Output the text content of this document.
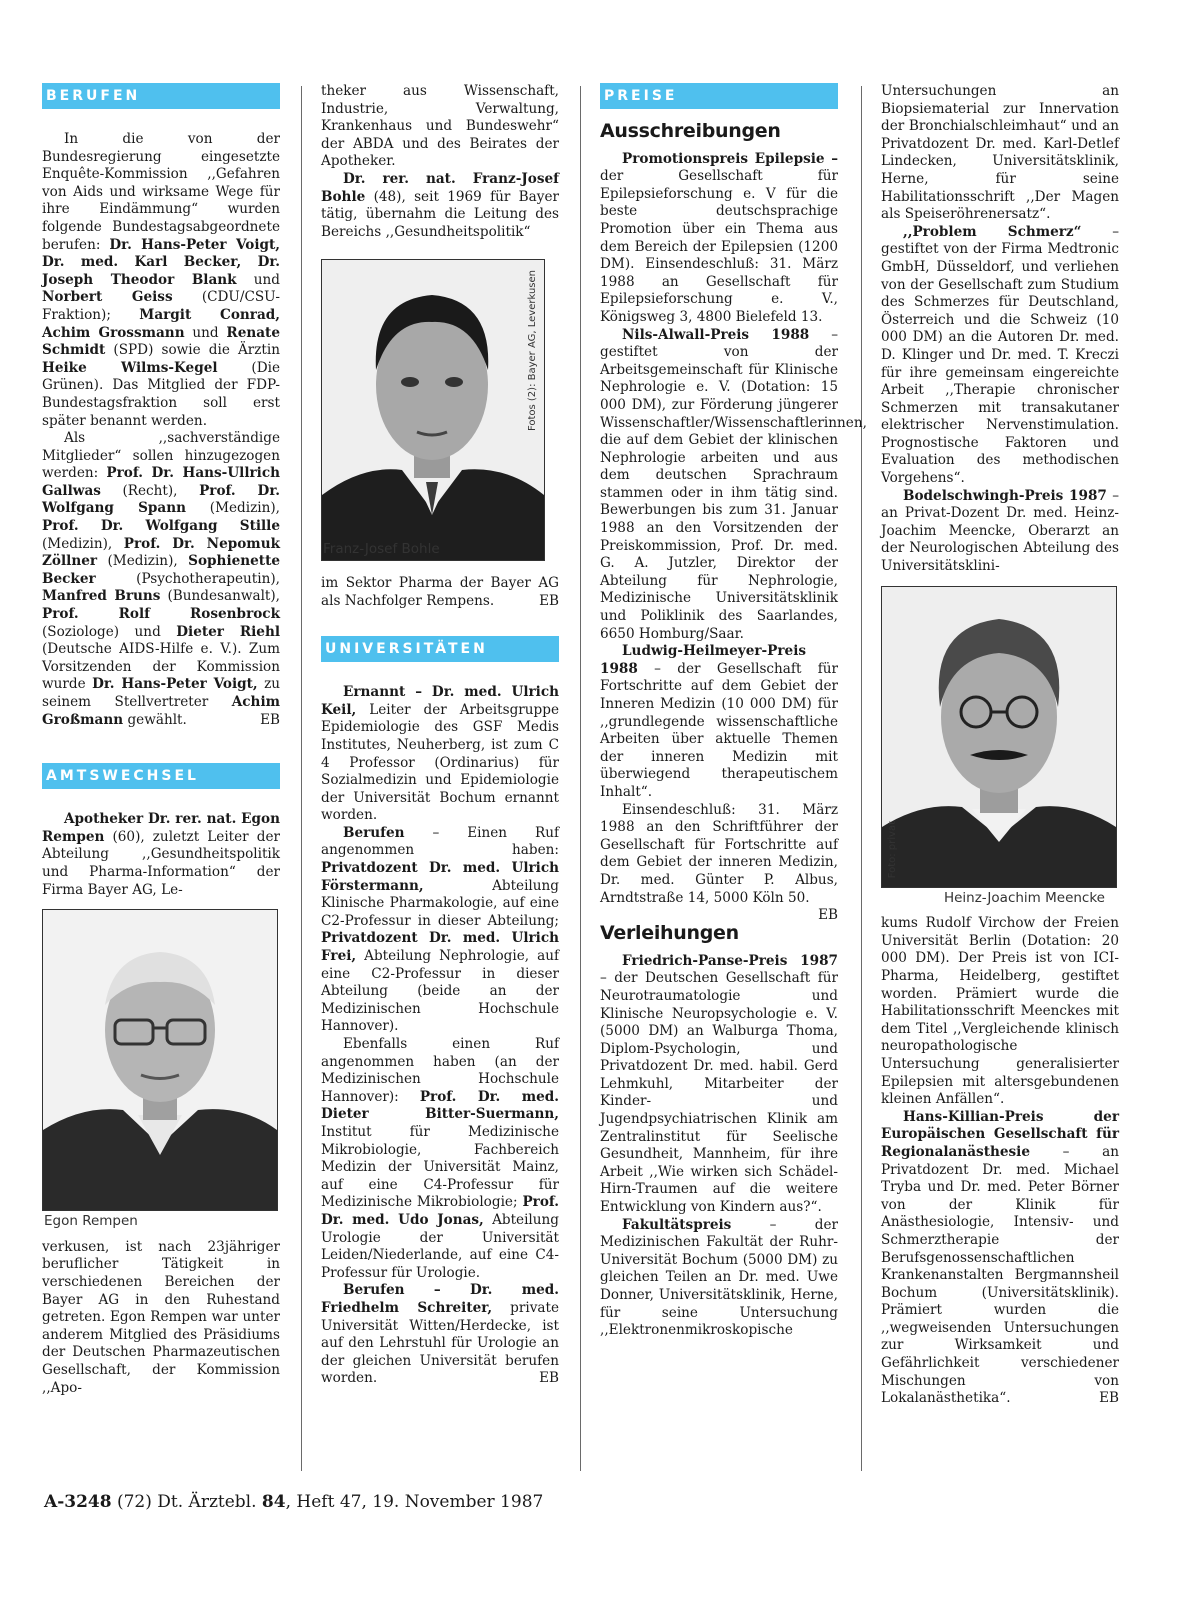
BERUFEN

In die von der Bundesregierung eingesetzte Enquête-Kommission ,,Gefahren von Aids und wirksame Wege für ihre Eindämmung“ wurden folgende Bundestagsabgeordnete berufen: Dr. Hans-Peter Voigt, Dr. med. Karl Becker, Dr. Joseph Theodor Blank und Norbert Geiss (CDU/CSU-Fraktion); Margit Conrad, Achim Grossmann und Renate Schmidt (SPD) sowie die Ärztin Heike Wilms-Kegel (Die Grünen). Das Mitglied der FDP-Bundestagsfraktion soll erst später benannt werden.

Als ,,sachverständige Mitglieder“ sollen hinzugezogen werden: Prof. Dr. Hans-Ullrich Gallwas (Recht), Prof. Dr. Wolfgang Spann (Medizin), Prof. Dr. Wolfgang Stille (Medizin), Prof. Dr. Nepomuk Zöllner (Medizin), Sophienette Becker	(Psychotherapeutin), Manfred Bruns (Bundesanwalt), Prof. Rolf Rosenbrock (Soziologe) und Dieter Riehl (Deutsche AIDS-Hilfe e. V.). Zum Vorsitzenden der Kommission wurde Dr. Hans-Peter Voigt, zu seinem Stellvertreter Achim Großmann gewählt.	EB

AMTSWECHSEL

Apotheker Dr. rer. nat. Egon Rempen (60), zuletzt Leiter der Abteilung ,,Gesundheitspolitik und Pharma-Information“ der Firma Bayer AG, Le-

Egon Rempen

verkusen, ist nach 23jähriger beruflicher Tätigkeit in verschiedenen Bereichen der Bayer AG in den Ruhestand getreten. Egon Rempen war unter anderem Mitglied des Präsidiums der Deutschen Pharmazeutischen Gesellschaft, der Kommission ,,Apo-

theker aus Wissenschaft, Industrie, Verwaltung, Krankenhaus und Bundeswehr“ der ABDA und des Beirates der Apotheker.

Dr. rer. nat. Franz-Josef Bohle (48), seit 1969 für Bayer tätig, übernahm die Leitung des Bereichs ,,Gesundheitspolitik“

Fotos (2): Bayer AG, Leverkusen
Franz-Josef Bohle

im Sektor Pharma der Bayer AG als Nachfolger Rempens.	EB

UNIVERSITÄTEN

Ernannt – Dr. med. Ulrich Keil, Leiter der Arbeitsgruppe Epidemiologie des GSF Medis Institutes, Neuherberg, ist zum C 4 Professor (Ordinarius) für Sozialmedizin und Epidemiologie der Universität Bochum ernannt worden.

Berufen – Einen Ruf angenommen haben: Privatdozent Dr. med. Ulrich Förstermann,	Abteilung Klinische Pharmakologie, auf eine C2-Professur in dieser Abteilung; Privatdozent Dr. med. Ulrich Frei, Abteilung Nephrologie, auf eine C2-Professur in dieser Abteilung (beide an der Medizinischen Hochschule Hannover).

Ebenfalls einen Ruf angenommen haben (an der Medizinischen Hochschule Hannover): Prof. Dr. med. Dieter Bitter-Suermann, Institut für Medizinische Mikrobiologie, Fachbereich Medizin der Universität Mainz, auf eine C4-Professur für Medizinische Mikrobiologie; Prof. Dr. med. Udo Jonas, Abteilung Urologie der Universität Leiden/Niederlande, auf eine C4-Professur für Urologie.

Berufen – Dr. med. Friedhelm Schreiter, private Universität Witten/Herdecke, ist auf den Lehrstuhl für Urologie an der gleichen Universität berufen worden.	EB

PREISE
Ausschreibungen

Promotionspreis Epilepsie – der Gesellschaft für Epilepsieforschung e. V für die beste deutschsprachige Promotion über ein Thema aus dem Bereich der Epilepsien (1200 DM). Einsendeschluß: 31. März 1988 an Gesellschaft für Epilepsieforschung e. V., Königsweg 3, 4800 Bielefeld 13.

Nils-Alwall-Preis 1988 – gestiftet von der Arbeitsgemeinschaft für Klinische Nephrologie e. V. (Dotation: 15 000 DM), zur Förderung jüngerer Wissenschaftler/Wissenschaftlerinnen, die auf dem Gebiet der klinischen Nephrologie arbeiten und aus dem deutschen Sprachraum stammen oder in ihm tätig sind. Bewerbungen bis zum 31. Januar 1988 an den Vorsitzenden der Preiskommission, Prof. Dr. med. G. A. Jutzler, Direktor der Abteilung für Nephrologie, Medizinische Universitätsklinik und Poliklinik des Saarlandes, 6650 Homburg/Saar.

Ludwig-Heilmeyer-Preis 1988 – der Gesellschaft für Fortschritte auf dem Gebiet der Inneren Medizin (10 000 DM) für ,,grundlegende wissenschaftliche Arbeiten über aktuelle Themen der inneren Medizin mit überwiegend therapeutischem Inhalt“.

Einsendeschluß: 31. März 1988 an den Schriftführer der Gesellschaft für Fortschritte auf dem Gebiet der inneren Medizin, Dr. med. Günter P. Albus, Arndtstraße 14, 5000 Köln 50.
EB

Verleihungen

Friedrich-Panse-Preis 1987 – der Deutschen Gesellschaft für Neurotraumatologie und Klinische Neuropsychologie e. V. (5000 DM) an Walburga Thoma, Diplom-Psychologin, und Privatdozent Dr. med. habil. Gerd Lehmkuhl, Mitarbeiter der Kinder- und Jugendpsychiatrischen Klinik am Zentralinstitut für Seelische Gesundheit, Mannheim, für ihre Arbeit ,,Wie wirken sich Schädel-Hirn-Traumen auf die weitere Entwicklung von Kindern aus?“.

Fakultätspreis	– der Medizinischen Fakultät der Ruhr-Universität Bochum (5000 DM) zu gleichen Teilen an Dr. med. Uwe Donner, Universitätsklinik, Herne, für seine Untersuchung ,,Elektronenmikroskopische

Untersuchungen an Biopsiematerial zur Innervation der Bronchialschleimhaut“ und an Privatdozent Dr. med. Karl-Detlef Lindecken, Universitätsklinik, Herne, für seine Habilitationsschrift ,,Der Magen als Speiseröhrenersatz“.

,,Problem Schmerz“ – gestiftet von der Firma Medtronic GmbH, Düsseldorf, und verliehen von der Gesellschaft zum Studium des Schmerzes für Deutschland, Österreich und die Schweiz (10 000 DM) an die Autoren Dr. med. D. Klinger und Dr. med. T. Kreczi für ihre gemeinsam eingereichte Arbeit ,,Therapie chronischer Schmerzen mit transakutaner elektrischer Nervenstimulation. Prognostische Faktoren und Evaluation des methodischen Vorgehens“.

Bodelschwingh-Preis 1987 – an Privat-Dozent Dr. med. Heinz-Joachim Meencke, Oberarzt an der Neurologischen Abteilung des Universitätsklini-

Foto: privat
Heinz-Joachim Meencke

kums Rudolf Virchow der Freien Universität Berlin (Dotation: 20 000 DM). Der Preis ist von ICI-Pharma, Heidelberg, gestiftet worden. Prämiert wurde die Habilitationsschrift Meenckes mit dem Titel ,,Vergleichende klinisch neuropathologische Untersuchung generalisierter Epilepsien mit altersgebundenen kleinen Anfällen“.

Hans-Killian-Preis der Europäischen Gesellschaft für Regionalanästhesie – an Privatdozent Dr. med. Michael Tryba und Dr. med. Peter Börner von der Klinik für Anästhesiologie, Intensiv- und Schmerztherapie der Berufsgenossenschaftlichen Krankenanstalten Bergmannsheil Bochum (Universitätsklinik). Prämiert wurden die ,,wegweisenden Untersuchungen zur Wirksamkeit und Gefährlichkeit verschiedener Mischungen von Lokalanästhetika“.	EB

A-3248 (72) Dt. Ärztebl. 84, Heft 47, 19. November 1987
